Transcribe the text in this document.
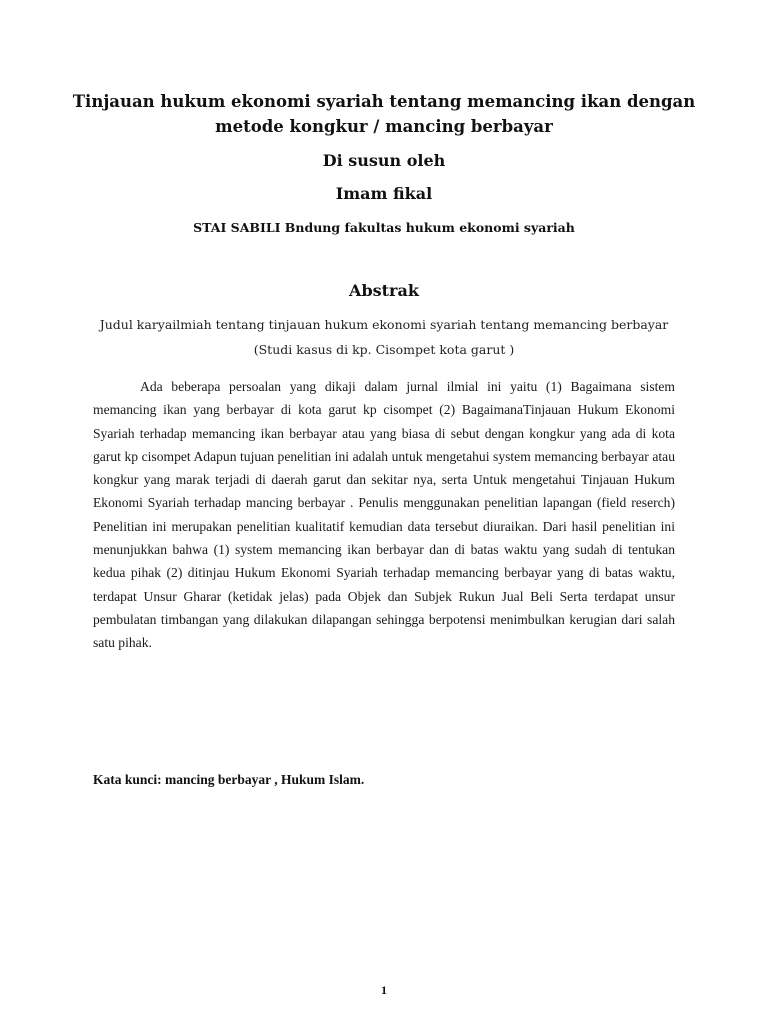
Tinjauan hukum ekonomi syariah tentang memancing ikan dengan metode kongkur / mancing berbayar

Di susun oleh

Imam fikal

STAI SABILI Bndung fakultas hukum ekonomi syariah

Abstrak

Judul karyailmiah tentang tinjauan hukum ekonomi syariah tentang memancing berbayar

(Studi kasus di kp. Cisompet kota garut )

Ada beberapa persoalan yang dikaji dalam jurnal ilmial ini yaitu (1) Bagaimana sistem memancing ikan yang berbayar di kota garut kp cisompet (2) BagaimanaTinjauan Hukum Ekonomi Syariah terhadap memancing ikan berbayar atau yang biasa di sebut dengan kongkur yang ada di kota garut kp cisompet Adapun tujuan penelitian ini adalah untuk mengetahui system memancing berbayar atau kongkur yang marak terjadi di daerah garut dan sekitar nya, serta Untuk mengetahui Tinjauan Hukum Ekonomi Syariah terhadap mancing berbayar . Penulis menggunakan penelitian lapangan (field reserch) Penelitian ini merupakan penelitian kualitatif kemudian data tersebut diuraikan. Dari hasil penelitian ini menunjukkan bahwa (1) system memancing ikan berbayar dan di batas waktu yang sudah di tentukan kedua pihak (2) ditinjau Hukum Ekonomi Syariah terhadap memancing berbayar yang di batas waktu, terdapat Unsur Gharar (ketidak jelas) pada Objek dan Subjek Rukun Jual Beli Serta terdapat unsur pembulatan timbangan yang dilakukan dilapangan sehingga berpotensi menimbulkan kerugian dari salah satu pihak.

Kata kunci: mancing berbayar , Hukum Islam.

1
